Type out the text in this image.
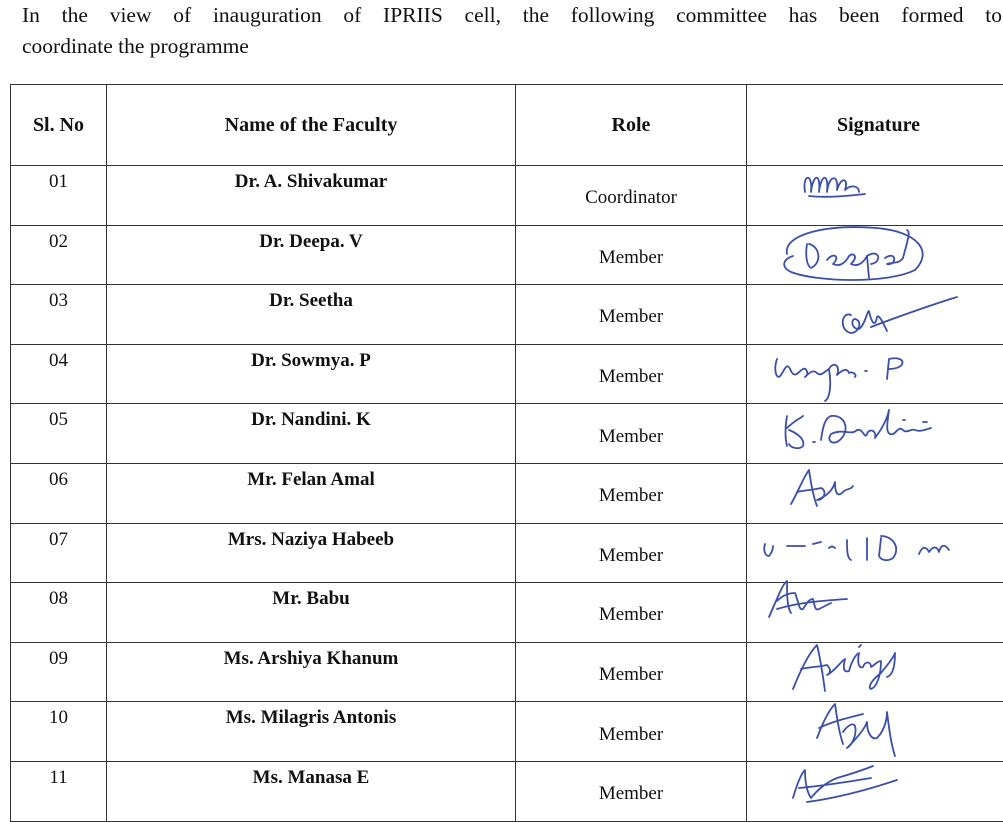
In the view of inauguration of IPRIIS cell, the following committee has been formed to
coordinate the programme

Sl. No	Name of the Faculty	Role	Signature
01	Dr. A. Shivakumar	Coordinator	

02	Dr. Deepa. V	Member	

03	Dr. Seetha	Member	

04	Dr. Sowmya. P	Member	

05	Dr. Nandini. K	Member	

06	Mr. Felan Amal	Member	

07	Mrs. Naziya Habeeb	Member	

08	Mr. Babu	Member	

09	Ms. Arshiya Khanum	Member	

10	Ms. Milagris Antonis	Member	

11	Ms. Manasa E	Member	
